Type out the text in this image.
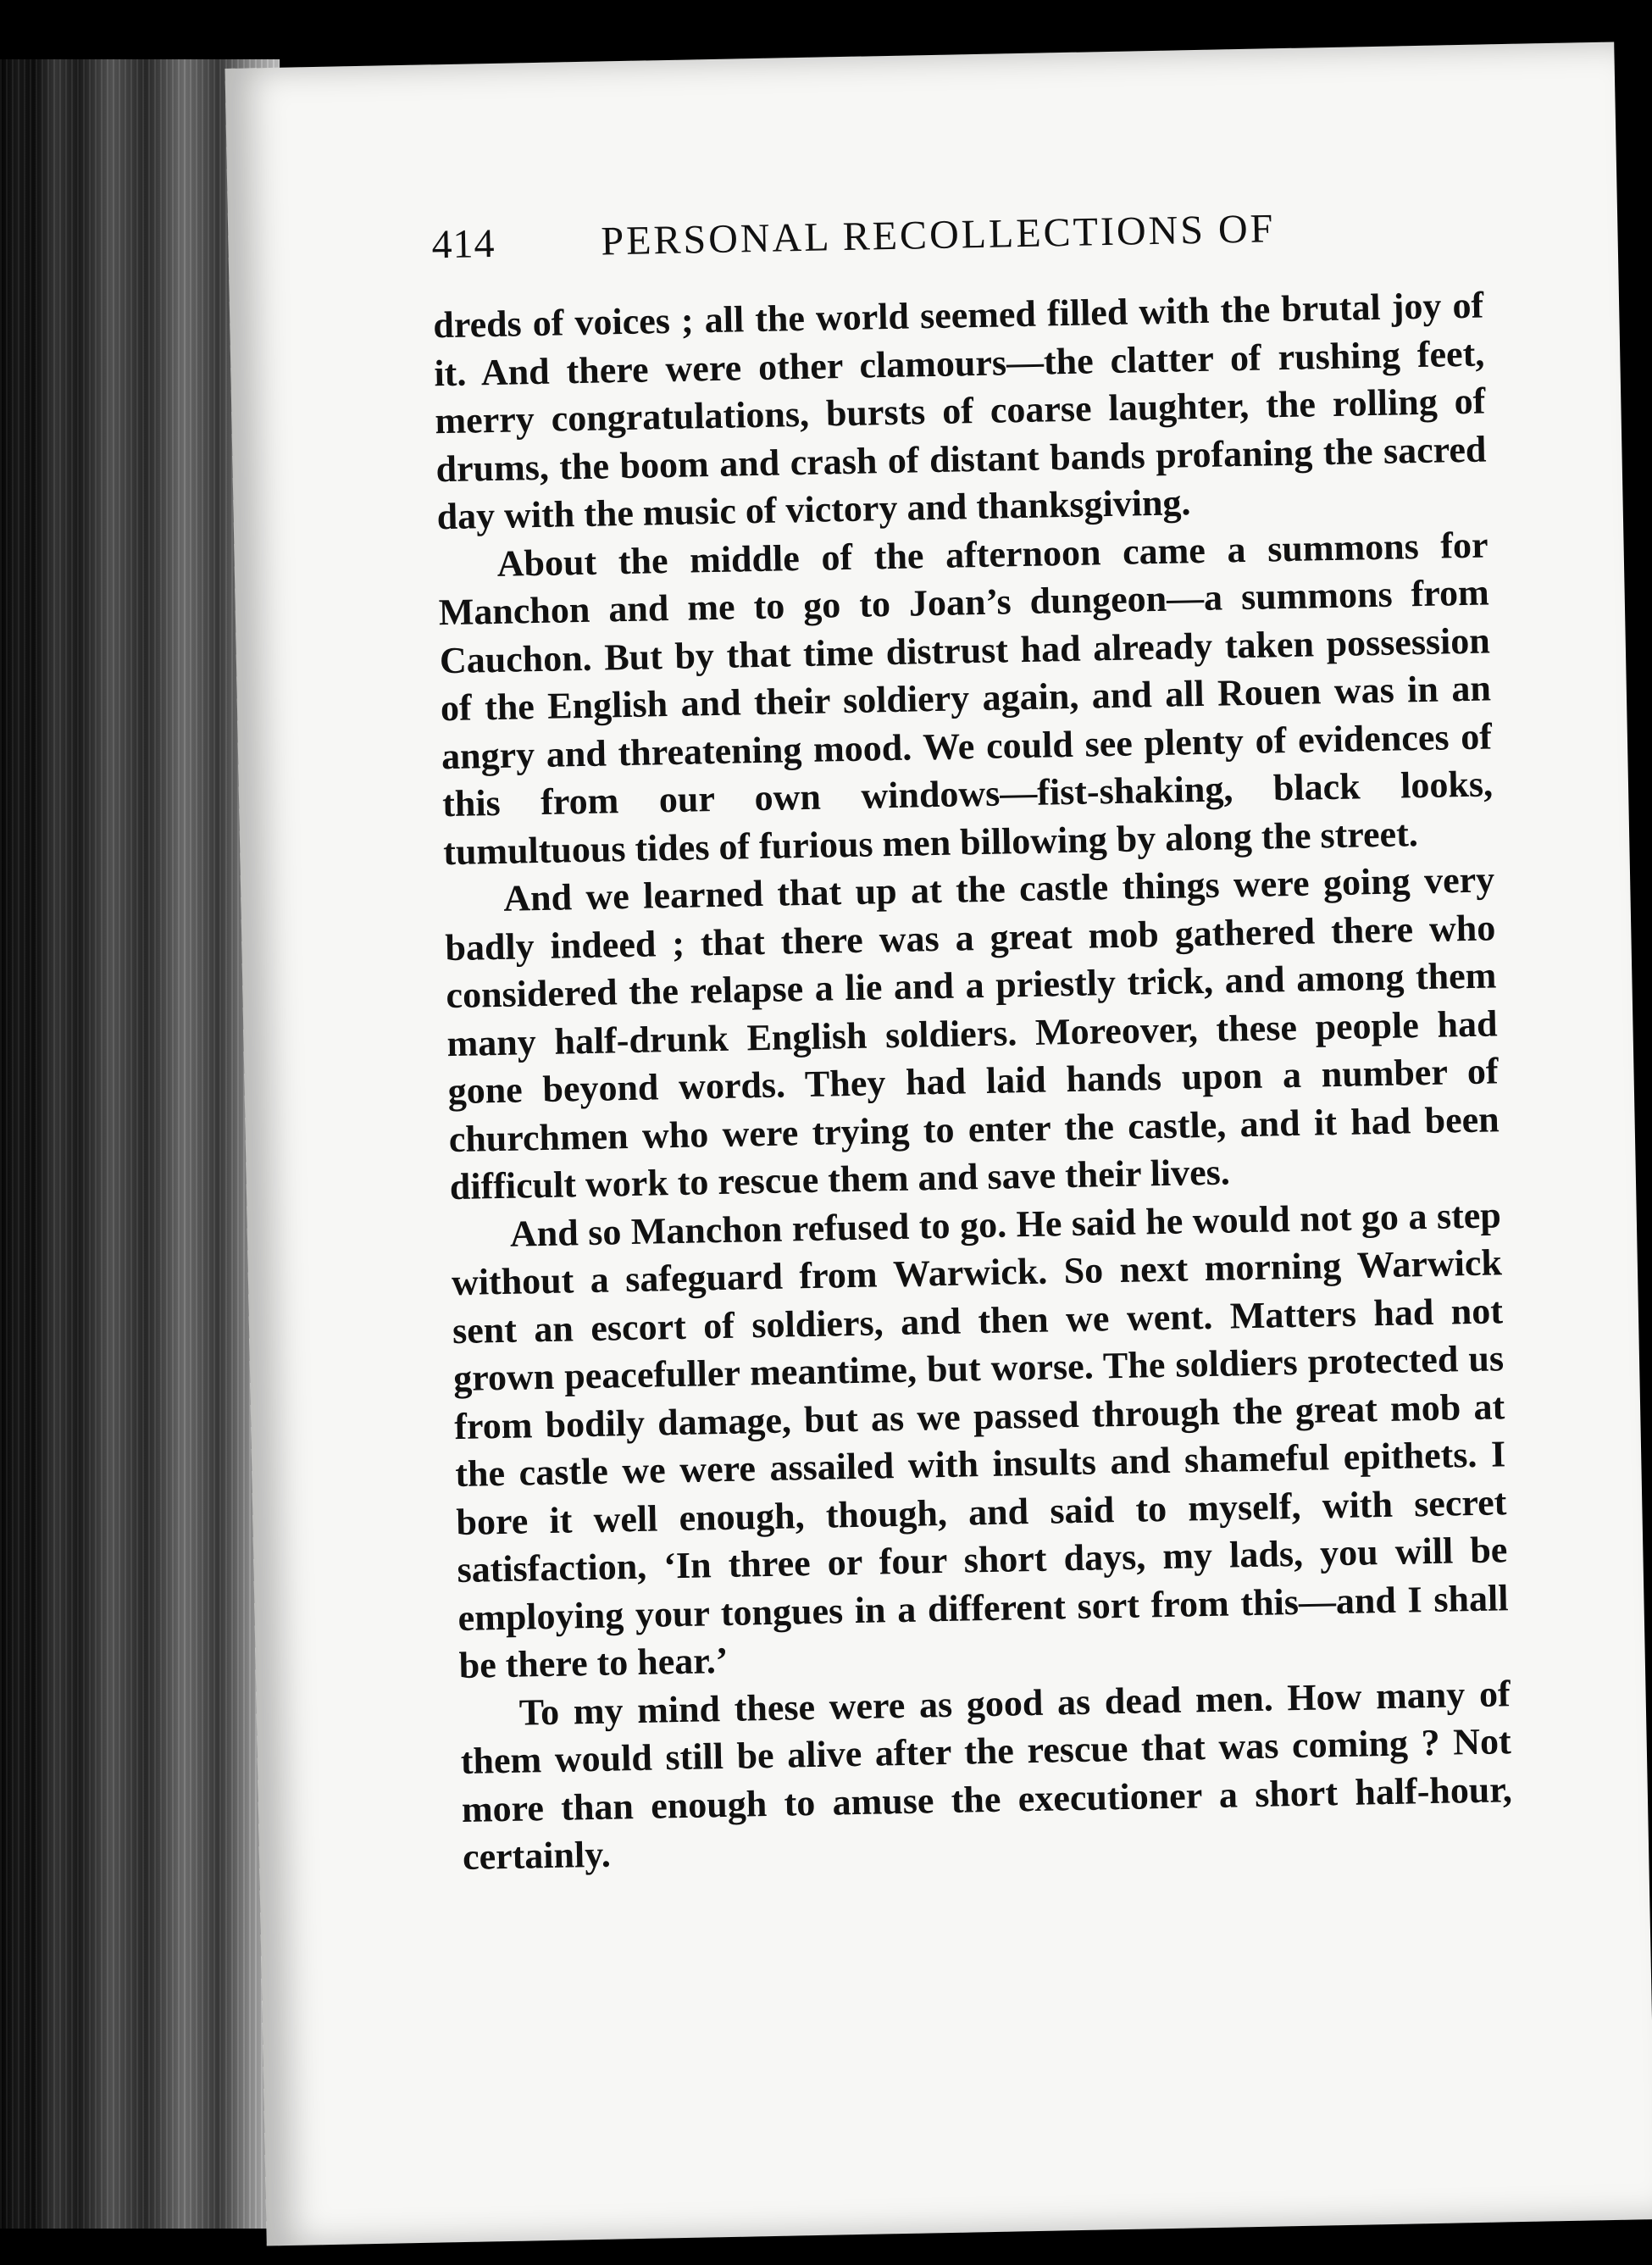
414	PERSONAL RECOLLECTIONS OF

dreds of voices ; all the world seemed filled with the brutal joy of it. And there were other clamours—the clatter of rushing feet, merry congratulations, bursts of coarse laughter, the rolling of drums, the boom and crash of distant bands profaning the sacred day with the music of victory and thanksgiving.

About the middle of the afternoon came a summons for Manchon and me to go to Joan’s dungeon—a summons from Cauchon. But by that time distrust had already taken possession of the English and their soldiery again, and all Rouen was in an angry and threatening mood. We could see plenty of evidences of this from our own windows—fist-shaking, black looks, tumultuous tides of furious men billowing by along the street.

And we learned that up at the castle things were going very badly indeed ; that there was a great mob gathered there who considered the relapse a lie and a priestly trick, and among them many half-drunk English soldiers. Moreover, these people had gone beyond words. They had laid hands upon a number of churchmen who were trying to enter the castle, and it had been difficult work to rescue them and save their lives.

And so Manchon refused to go. He said he would not go a step without a safeguard from Warwick. So next morning Warwick sent an escort of soldiers, and then we went. Matters had not grown peacefuller meantime, but worse. The soldiers protected us from bodily damage, but as we passed through the great mob at the castle we were assailed with insults and shameful epithets. I bore it well enough, though, and said to myself, with secret satisfaction, ‘In three or four short days, my lads, you will be employing your tongues in a different sort from this—and I shall be there to hear.’

To my mind these were as good as dead men. How many of them would still be alive after the rescue that was coming ? Not more than enough to amuse the executioner a short half-hour, certainly.
